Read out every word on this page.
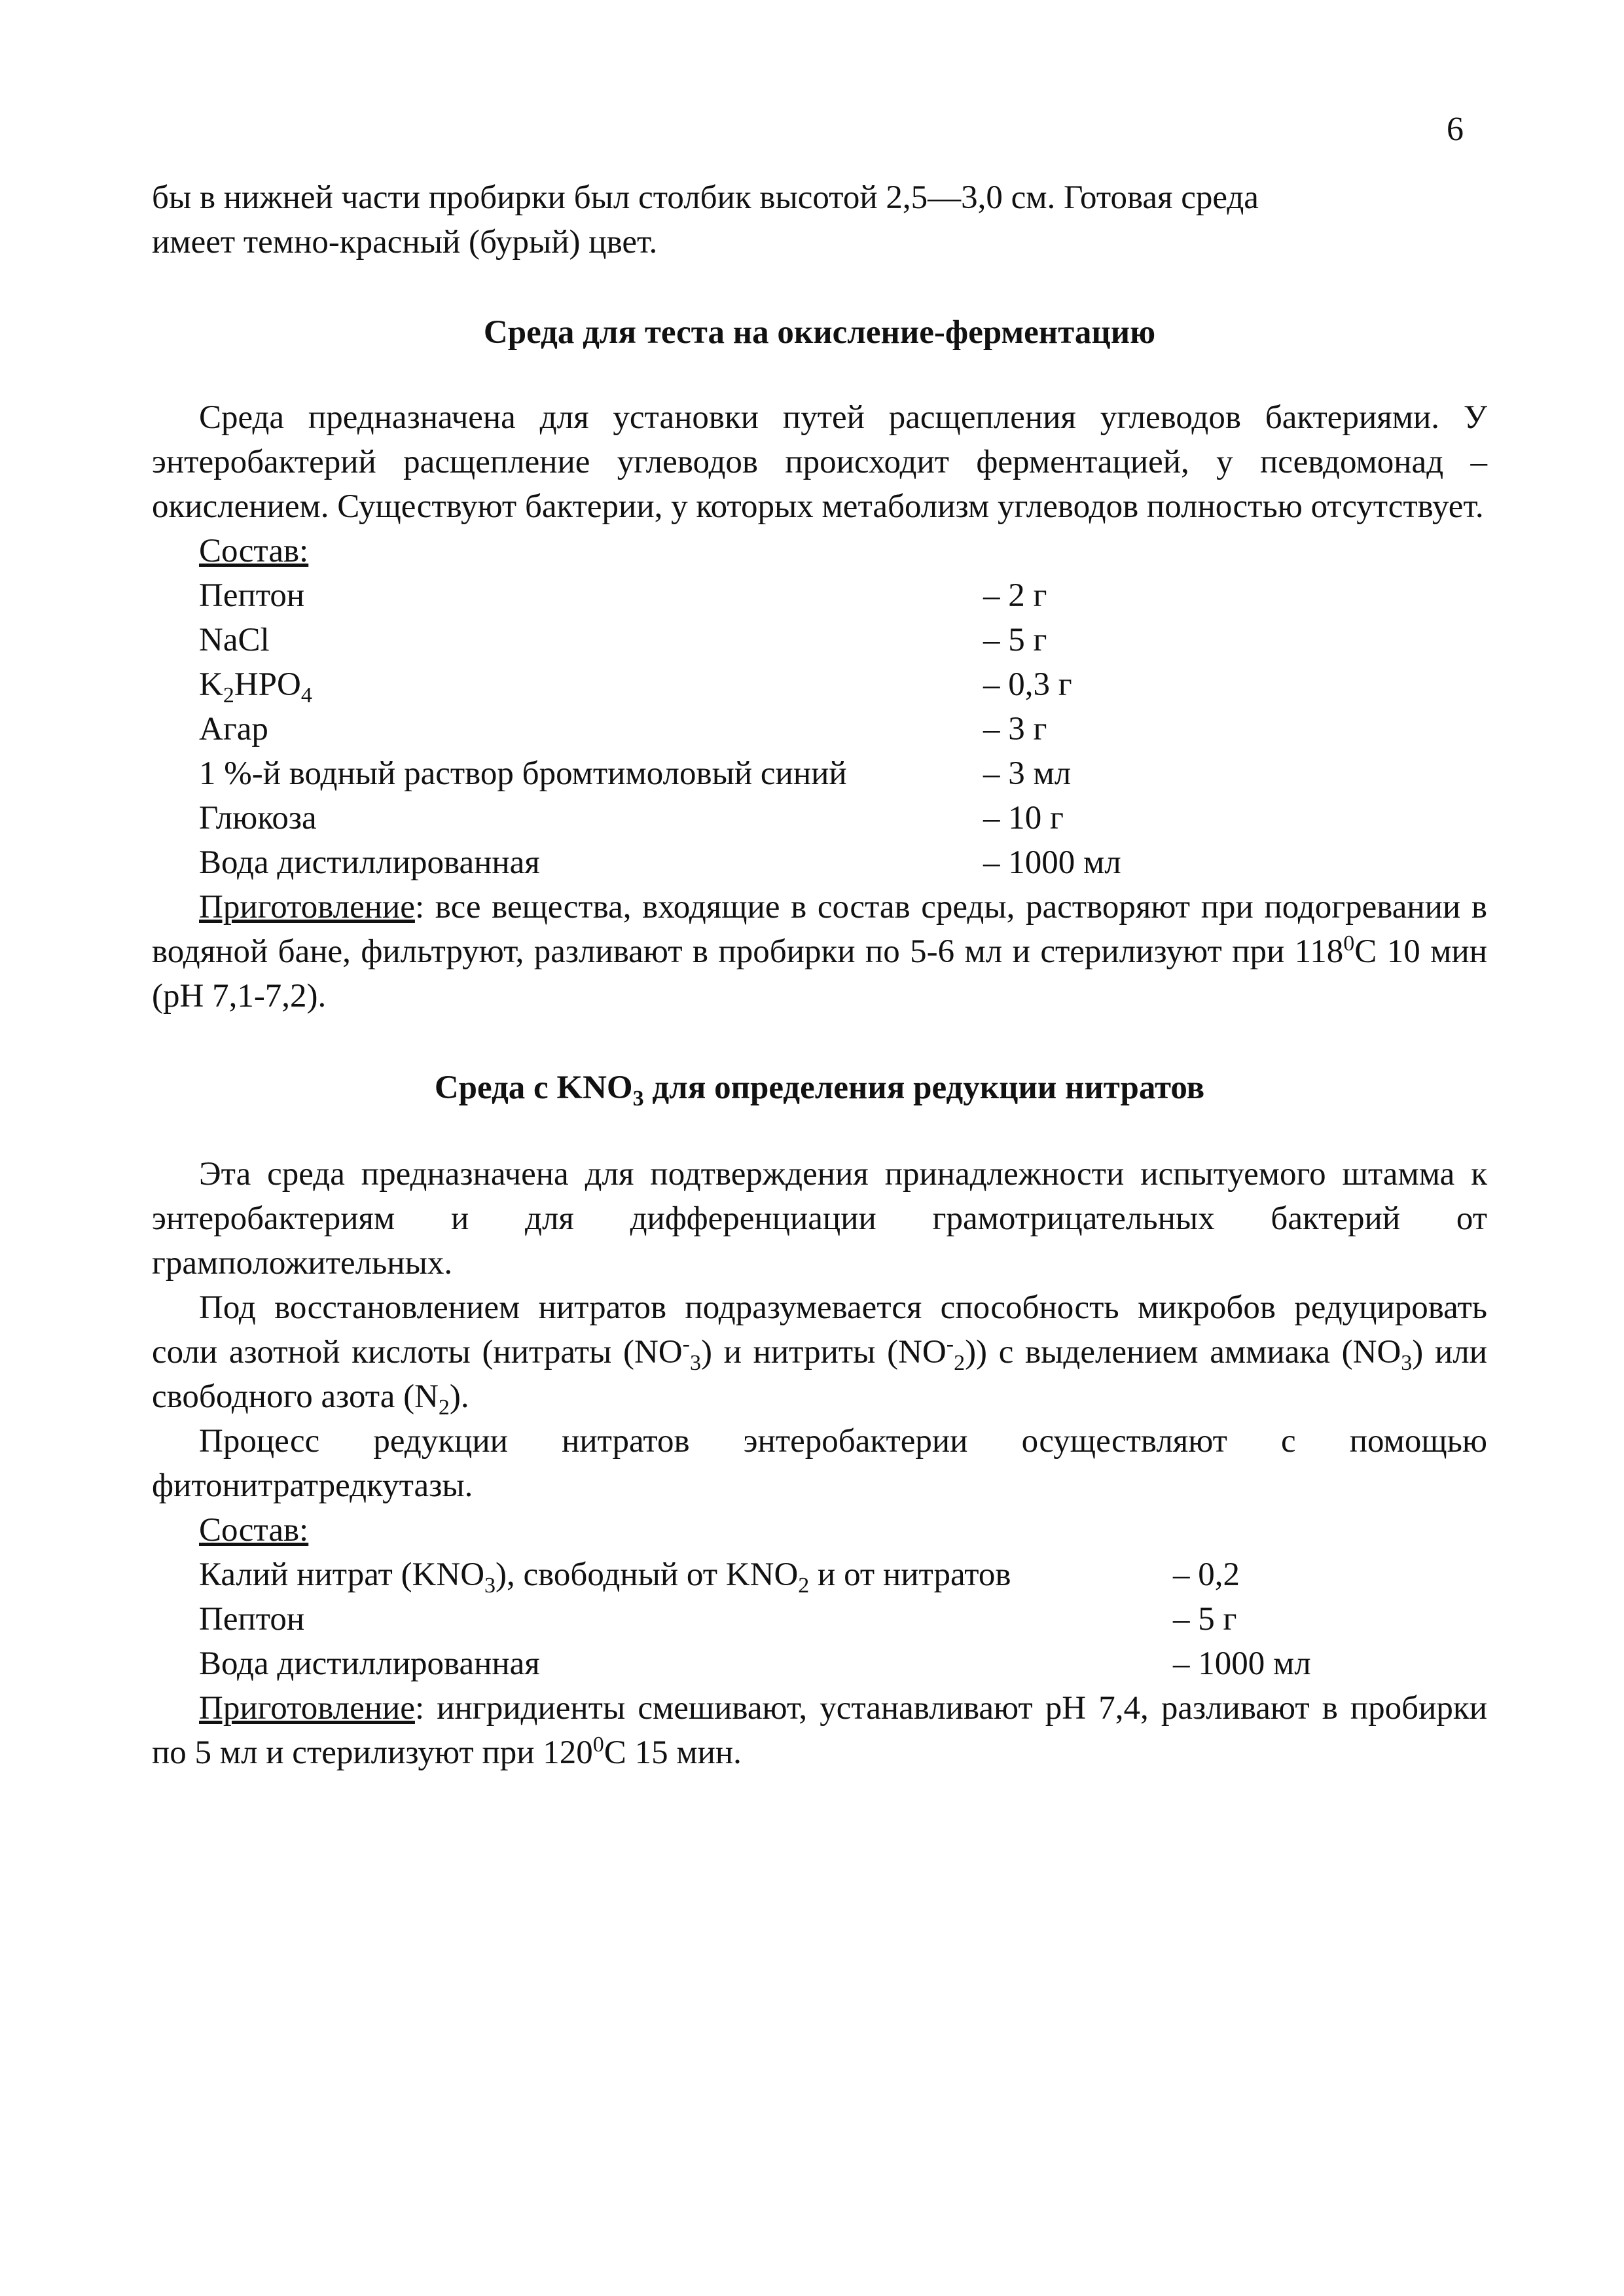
6

бы в нижней части пробирки был столбик высотой 2,5—3,0 см. Готовая среда
имеет темно-красный (бурый) цвет.

Среда для теста на окисление-ферментацию

Среда предназначена для установки путей расщепления углеводов бактериями. У энтеробактерий расщепление углеводов происходит ферментацией, у псевдомонад – окислением. Существуют бактерии, у которых метаболизм углеводов полностью отсутствует.

Состав:

Пептон	– 2 г
NaCl	– 5 г
$K_2HPO_4$	– 0,3 г
Агар	– 3 г
1 %-й водный раствор бромтимоловый синий	– 3 мл
Глюкоза	– 10 г
Вода дистиллированная	– 1000 мл

Приготовление: все вещества, входящие в состав среды, растворяют при подогревании в водяной бане, фильтруют, разливают в пробирки по 5-6 мл и стерилизуют при $118^0С$ 10 мин (рН 7,1-7,2).

Среда с $KNO_3$ для определения редукции нитратов

Эта среда предназначена для подтверждения принадлежности испытуемого штамма к энтеробактериям и для дифференциации грамотрицательных бактерий от грамположительных.

Под восстановлением нитратов подразумевается способность микробов редуцировать соли азотной кислоты (нитраты $(NO^-_3)$ и нитриты $(NO^-_2)$) с выделением аммиака $(NO_3)$ или свободного азота $(N_2)$.

Процесс редукции нитратов энтеробактерии осуществляют с помощью фитонитратредкутазы.

Состав:

Калий нитрат $(KNO_3)$, свободный от $KNO_2$ и от нитратов	– 0,2
Пептон	– 5 г
Вода дистиллированная	– 1000 мл

Приготовление: ингридиенты смешивают, устанавливают рН 7,4, разливают в пробирки по 5 мл и стерилизуют при $120^0С$ 15 мин.
